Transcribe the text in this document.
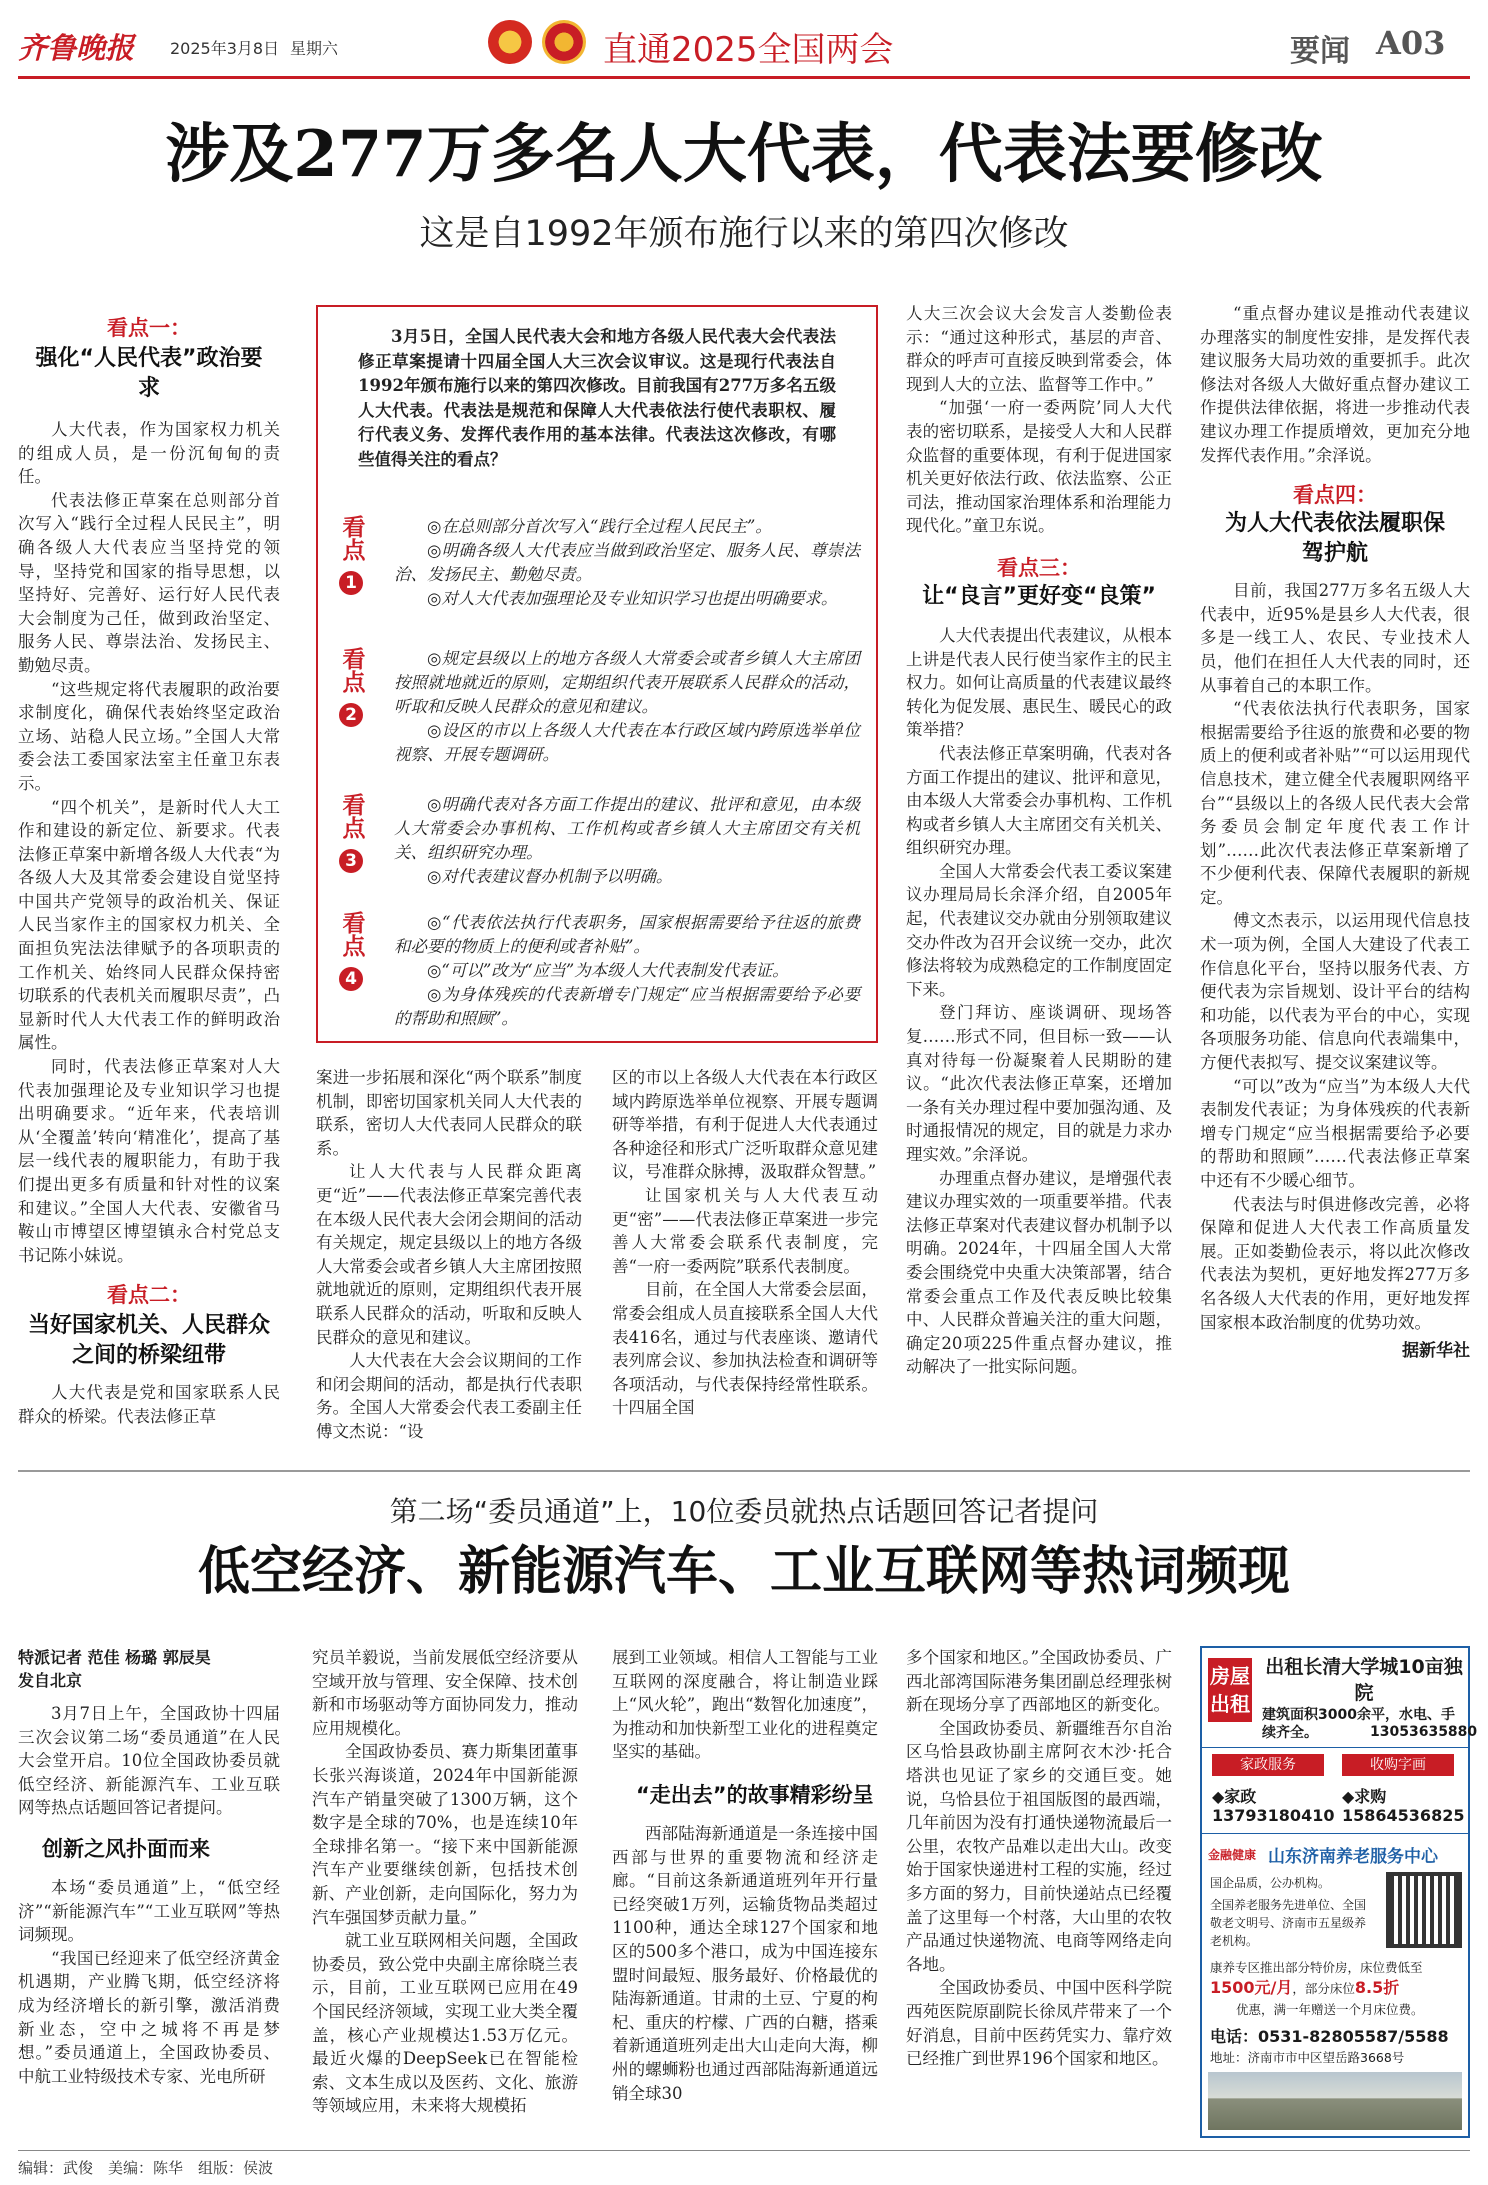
齐鲁晚报 2025年3月8日 星期六	直通2025全国两会	要闻 A03
涉及277万多名人大代表，代表法要修改
这是自1992年颁布施行以来的第四次修改
看点一：
强化“人民代表”政治要求

人大代表，作为国家权力机关的组成人员，是一份沉甸甸的责任。

代表法修正草案在总则部分首次写入“践行全过程人民民主”，明确各级人大代表应当坚持党的领导，坚持党和国家的指导思想，以坚持好、完善好、运行好人民代表大会制度为己任，做到政治坚定、服务人民、尊崇法治、发扬民主、勤勉尽责。

“这些规定将代表履职的政治要求制度化，确保代表始终坚定政治立场、站稳人民立场。”全国人大常委会法工委国家法室主任童卫东表示。

“四个机关”，是新时代人大工作和建设的新定位、新要求。代表法修正草案中新增各级人大代表“为各级人大及其常委会建设自觉坚持中国共产党领导的政治机关、保证人民当家作主的国家权力机关、全面担负宪法法律赋予的各项职责的工作机关、始终同人民群众保持密切联系的代表机关而履职尽责”，凸显新时代人大代表工作的鲜明政治属性。

同时，代表法修正草案对人大代表加强理论及专业知识学习也提出明确要求。“近年来，代表培训从‘全覆盖’转向‘精准化’，提高了基层一线代表的履职能力，有助于我们提出更多有质量和针对性的议案和建议。”全国人大代表、安徽省马鞍山市博望区博望镇永合村党总支书记陈小妹说。

看点二：
当好国家机关、人民群众之间的桥梁纽带

人大代表是党和国家联系人民群众的桥梁。代表法修正草

3月5日，全国人民代表大会和地方各级人民代表大会代表法修正草案提请十四届全国人大三次会议审议。这是现行代表法自1992年颁布施行以来的第四次修改。目前我国有277万多名五级人大代表。代表法是规范和保障人大代表依法行使代表职权、履行代表义务、发挥代表作用的基本法律。代表法这次修改，有哪些值得关注的看点？
看点
1
◎在总则部分首次写入“践行全过程人民民主”。
◎明确各级人大代表应当做到政治坚定、服务人民、尊崇法治、发扬民主、勤勉尽责。
◎对人大代表加强理论及专业知识学习也提出明确要求。
看点
2
◎规定县级以上的地方各级人大常委会或者乡镇人大主席团按照就地就近的原则，定期组织代表开展联系人民群众的活动，听取和反映人民群众的意见和建议。
◎设区的市以上各级人大代表在本行政区域内跨原选举单位视察、开展专题调研。
看点
3
◎明确代表对各方面工作提出的建议、批评和意见，由本级人大常委会办事机构、工作机构或者乡镇人大主席团交有关机关、组织研究办理。
◎对代表建议督办机制予以明确。
看点
4
◎“代表依法执行代表职务，国家根据需要给予往返的旅费和必要的物质上的便利或者补贴”。
◎“可以”改为“应当”为本级人大代表制发代表证。
◎为身体残疾的代表新增专门规定“应当根据需要给予必要的帮助和照顾”。

案进一步拓展和深化“两个联系”制度机制，即密切国家机关同人大代表的联系，密切人大代表同人民群众的联系。

让人大代表与人民群众距离更“近”——代表法修正草案完善代表在本级人民代表大会闭会期间的活动有关规定，规定县级以上的地方各级人大常委会或者乡镇人大主席团按照就地就近的原则，定期组织代表开展联系人民群众的活动，听取和反映人民群众的意见和建议。

人大代表在大会会议期间的工作和闭会期间的活动，都是执行代表职务。全国人大常委会代表工委副主任傅文杰说：“设

区的市以上各级人大代表在本行政区域内跨原选举单位视察、开展专题调研等举措，有利于促进人大代表通过各种途径和形式广泛听取群众意见建议，号准群众脉搏，汲取群众智慧。”

让国家机关与人大代表互动更“密”——代表法修正草案进一步完善人大常委会联系代表制度，完善“一府一委两院”联系代表制度。

目前，在全国人大常委会层面，常委会组成人员直接联系全国人大代表416名，通过与代表座谈、邀请代表列席会议、参加执法检查和调研等各项活动，与代表保持经常性联系。十四届全国

人大三次会议大会发言人娄勤俭表示：“通过这种形式，基层的声音、群众的呼声可直接反映到常委会，体现到人大的立法、监督等工作中。”

“加强‘一府一委两院’同人大代表的密切联系，是接受人大和人民群众监督的重要体现，有利于促进国家机关更好依法行政、依法监察、公正司法，推动国家治理体系和治理能力现代化。”童卫东说。

看点三：
让“良言”更好变“良策”

人大代表提出代表建议，从根本上讲是代表人民行使当家作主的民主权力。如何让高质量的代表建议最终转化为促发展、惠民生、暖民心的政策举措？

代表法修正草案明确，代表对各方面工作提出的建议、批评和意见，由本级人大常委会办事机构、工作机构或者乡镇人大主席团交有关机关、组织研究办理。

全国人大常委会代表工委议案建议办理局局长余泽介绍，自2005年起，代表建议交办就由分别领取建议交办件改为召开会议统一交办，此次修法将较为成熟稳定的工作制度固定下来。

登门拜访、座谈调研、现场答复……形式不同，但目标一致——认真对待每一份凝聚着人民期盼的建议。“此次代表法修正草案，还增加一条有关办理过程中要加强沟通、及时通报情况的规定，目的就是力求办理实效。”余泽说。

办理重点督办建议，是增强代表建议办理实效的一项重要举措。代表法修正草案对代表建议督办机制予以明确。2024年，十四届全国人大常委会围绕党中央重大决策部署，结合常委会重点工作及代表反映比较集中、人民群众普遍关注的重大问题，确定20项225件重点督办建议，推动解决了一批实际问题。

“重点督办建议是推动代表建议办理落实的制度性安排，是发挥代表建议服务大局功效的重要抓手。此次修法对各级人大做好重点督办建议工作提供法律依据，将进一步推动代表建议办理工作提质增效，更加充分地发挥代表作用。”余泽说。

看点四：
为人大代表依法履职保驾护航

目前，我国277万多名五级人大代表中，近95%是县乡人大代表，很多是一线工人、农民、专业技术人员，他们在担任人大代表的同时，还从事着自己的本职工作。

“代表依法执行代表职务，国家根据需要给予往返的旅费和必要的物质上的便利或者补贴”“可以运用现代信息技术，建立健全代表履职网络平台”“县级以上的各级人民代表大会常务委员会制定年度代表工作计划”……此次代表法修正草案新增了不少便利代表、保障代表履职的新规定。

傅文杰表示，以运用现代信息技术一项为例，全国人大建设了代表工作信息化平台，坚持以服务代表、方便代表为宗旨规划、设计平台的结构和功能，以代表为平台的中心，实现各项服务功能、信息向代表端集中，方便代表拟写、提交议案建议等。

“可以”改为“应当”为本级人大代表制发代表证；为身体残疾的代表新增专门规定“应当根据需要给予必要的帮助和照顾”……代表法修正草案中还有不少暖心细节。

代表法与时俱进修改完善，必将保障和促进人大代表工作高质量发展。正如娄勤俭表示，将以此次修改代表法为契机，更好地发挥277万多名各级人大代表的作用，更好地发挥国家根本政治制度的优势功效。

据新华社
第二场“委员通道”上，10位委员就热点话题回答记者提问
低空经济、新能源汽车、工业互联网等热词频现
特派记者 范佳 杨璐 郭辰昊
发自北京

3月7日上午，全国政协十四届三次会议第二场“委员通道”在人民大会堂开启。10位全国政协委员就低空经济、新能源汽车、工业互联网等热点话题回答记者提问。

创新之风扑面而来

本场“委员通道”上，“低空经济”“新能源汽车”“工业互联网”等热词频现。

“我国已经迎来了低空经济黄金机遇期，产业腾飞期，低空经济将成为经济增长的新引擎，激活消费新业态，空中之城将不再是梦想。”委员通道上，全国政协委员、中航工业特级技术专家、光电所研

究员羊毅说，当前发展低空经济要从空域开放与管理、安全保障、技术创新和市场驱动等方面协同发力，推动应用规模化。

全国政协委员、赛力斯集团董事长张兴海谈道，2024年中国新能源汽车产销量突破了1300万辆，这个数字是全球的70%，也是连续10年全球排名第一。“接下来中国新能源汽车产业要继续创新，包括技术创新、产业创新，走向国际化，努力为汽车强国梦贡献力量。”

就工业互联网相关问题，全国政协委员，致公党中央副主席徐晓兰表示，目前，工业互联网已应用在49个国民经济领域，实现工业大类全覆盖，核心产业规模达1.53万亿元。最近火爆的DeepSeek已在智能检索、文本生成以及医药、文化、旅游等领域应用，未来将大规模拓

展到工业领域。相信人工智能与工业互联网的深度融合，将让制造业踩上“风火轮”，跑出“数智化加速度”，为推动和加快新型工业化的进程奠定坚实的基础。

“走出去”的故事精彩纷呈

西部陆海新通道是一条连接中国西部与世界的重要物流和经济走廊。“目前这条新通道班列年开行量已经突破1万列，运输货物品类超过1100种，通达全球127个国家和地区的500多个港口，成为中国连接东盟时间最短、服务最好、价格最优的陆海新通道。甘肃的土豆、宁夏的枸杞、重庆的柠檬、广西的白糖，搭乘着新通道班列走出大山走向大海，柳州的螺蛳粉也通过西部陆海新通道远销全球30

多个国家和地区。”全国政协委员、广西北部湾国际港务集团副总经理张树新在现场分享了西部地区的新变化。

全国政协委员、新疆维吾尔自治区乌恰县政协副主席阿衣木沙·托合塔洪也见证了家乡的交通巨变。她说，乌恰县位于祖国版图的最西端，几年前因为没有打通快递物流最后一公里，农牧产品难以走出大山。改变始于国家快递进村工程的实施，经过多方面的努力，目前快递站点已经覆盖了这里每一个村落，大山里的农牧产品通过快递物流、电商等网络走向各地。

全国政协委员、中国中医科学院西苑医院原副院长徐凤芹带来了一个好消息，目前中医药凭实力、靠疗效已经推广到世界196个国家和地区。

房屋出租
出租长清大学城10亩独院
建筑面积3000余平，水电、手续齐全。	13053635880
家政服务	收购字画
◆家政
13793180410
◆求购
15864536825
金融健康 山东济南养老服务中心
国企品质，公办机构。
全国养老服务先进单位、全国敬老文明号、济南市五星级养老机构。
康养专区推出部分特价房，床位费低至1500元/月，部分床位8.5折
优惠，满一年赠送一个月床位费。
电话：0531-82805587/5588
地址：济南市市中区望岳路3668号
编辑：武俊　美编：陈华　组版：侯波
